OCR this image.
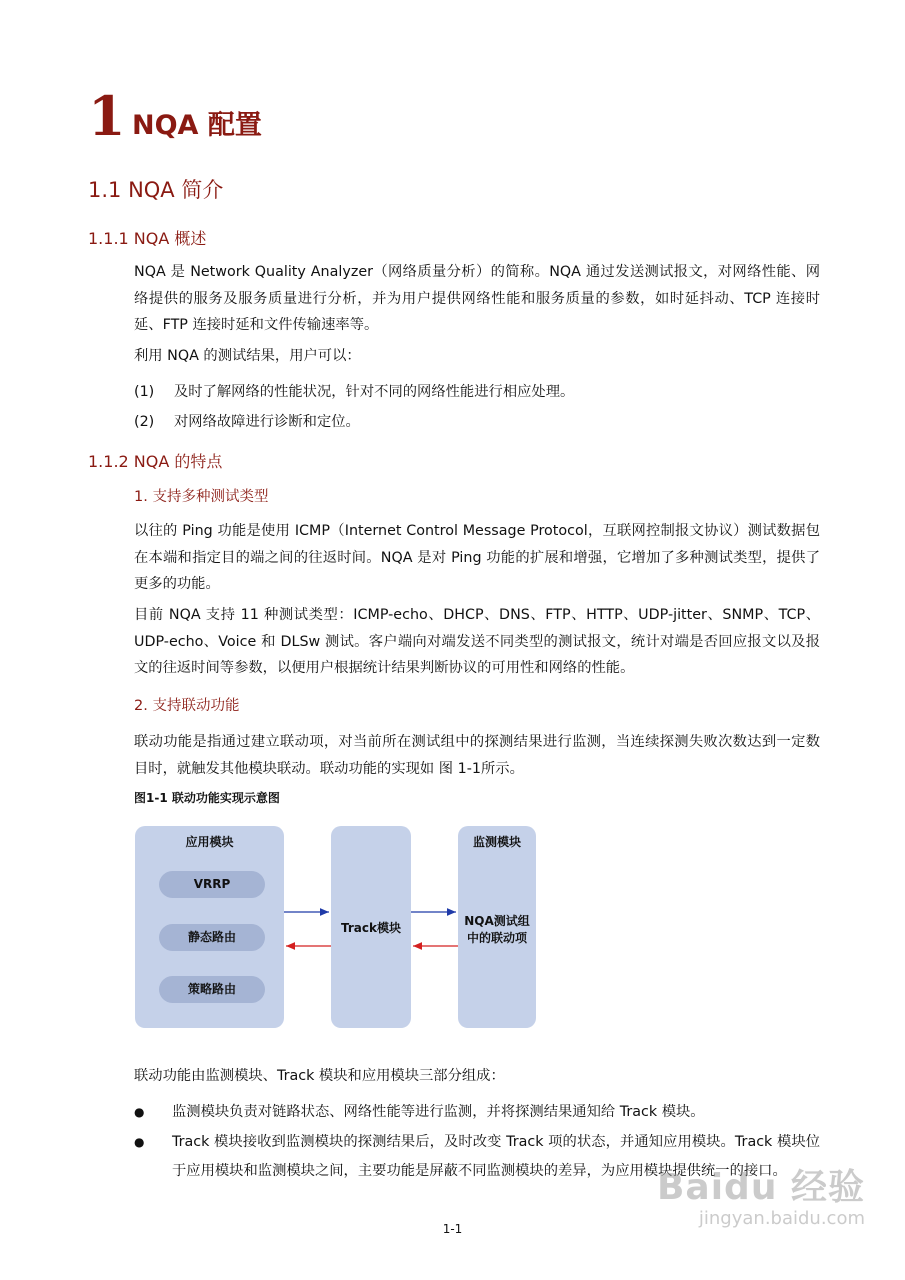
1 NQA 配置
1.1 NQA 简介
1.1.1 NQA 概述
NQA 是 Network Quality Analyzer（网络质量分析）的简称。NQA 通过发送测试报文，对网络性能、网络提供的服务及服务质量进行分析，并为用户提供网络性能和服务质量的参数，如时延抖动、TCP 连接时延、FTP 连接时延和文件传输速率等。
利用 NQA 的测试结果，用户可以：
(1) 及时了解网络的性能状况，针对不同的网络性能进行相应处理。
(2) 对网络故障进行诊断和定位。
1.1.2 NQA 的特点
1. 支持多种测试类型
以往的 Ping 功能是使用 ICMP（Internet Control Message Protocol，互联网控制报文协议）测试数据包在本端和指定目的端之间的往返时间。NQA 是对 Ping 功能的扩展和增强，它增加了多种测试类型，提供了更多的功能。
目前 NQA 支持 11 种测试类型：ICMP-echo、DHCP、DNS、FTP、HTTP、UDP-jitter、SNMP、TCP、UDP-echo、Voice 和 DLSw 测试。客户端向对端发送不同类型的测试报文，统计对端是否回应报文以及报文的往返时间等参数，以便用户根据统计结果判断协议的可用性和网络的性能。
2. 支持联动功能
联动功能是指通过建立联动项，对当前所在测试组中的探测结果进行监测，当连续探测失败次数达到一定数目时，就触发其他模块联动。联动功能的实现如 图 1-1所示。
图1-1 联动功能实现示意图
应用模块
VRRP
静态路由
策略路由
Track模块
监测模块
NQA测试组
中的联动项
联动功能由监测模块、Track 模块和应用模块三部分组成：
● 监测模块负责对链路状态、网络性能等进行监测，并将探测结果通知给 Track 模块。
● Track 模块接收到监测模块的探测结果后，及时改变 Track 项的状态，并通知应用模块。Track 模块位于应用模块和监测模块之间，主要功能是屏蔽不同监测模块的差异，为应用模块提供统一的接口。
1-1
Baidu 经验
jingyan.baidu.com
